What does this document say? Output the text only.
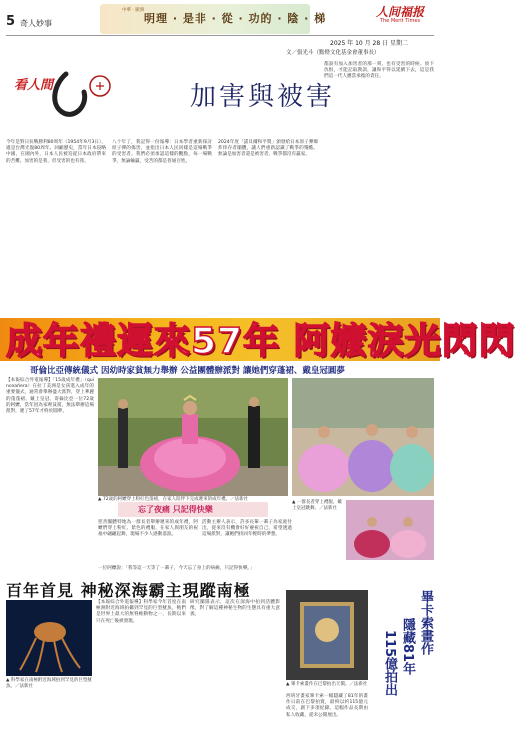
5 奇人妙事
中華 · 歐洲
明理 · 是非 · 從 · 功的 · 陰 · 梯	人间福报
The Merit Times
2025 年 10 月 28 日 星期二
文／張光斗（點燈文化基金會董事長）
看人間	加害與被害
今年是對日抗戰勝利80周年（1954年9月3日），適是台灣光復80周年。回顧歷史，當年日本侵略中國，在國內外，日本人民被迫從日本政府帶來的苦難。加害的是我，但受害的也有我。
八十年了，我記得一份報導：日本學者重新探討原子彈的傷害，並指出日本人民同樣是這場戰爭的受害者。我們必須承認這樣的觀點，每一場戰爭，無論輸贏，受苦的都是普通百姓。
2024年度「諾貝爾和平獎」頒發給日本原子彈爆炸倖存者團體，讓人們重新認識了戰爭的殘酷。無論是加害者還是被害者，戰爭都沒有贏家。
都說有加入加害者的那一刻，也有受害的時候。放下仇恨，才能記取教訓，讓和平得以延續下去，這是我們這一代人應當承擔的責任。
成年禮遲來57年 阿嬤淚光閃閃
哥倫比亞傳統儀式 因幼時家貧無力舉辦 公益團體辦派對 讓她們穿蓬裙、戴皇冠圓夢
【本報綜合外電報導】「15歲成年禮」（quinceañera）在拉丁美洲是女孩進入成年的重要儀式，通常會舉辦盛大派對，穿上華麗的蓬蓬裙、戴上皇冠。哥倫比亞一位72歲的阿嬤，當年因為家裡貧窮，無法舉辦這場派對，遲了57年才終於圓夢。
▲ 72歲的阿嬤穿上粉紅色蓬裙，在家人陪伴下完成遲來的成年禮。／法新社
▲ 一群長者穿上禮服，戴上皇冠跳舞。／法新社
忘了夜痛 只記得快樂
慈善團體特地為一群長者舉辦遲來的成年禮，阿嬤們穿上粉紅、紫色的禮服，在家人與朋友的祝福中翩翩起舞，現場不少人感動落淚。
活動主辦人表示，許多長輩一輩子為家庭付出，從來沒有機會好好慶祝自己，希望透過這場派對，讓她們找回年輕時的夢想。
一位阿嬤說：「我等這一天等了一輩子，今天忘了身上的病痛，只記得快樂。」
百年首見 神秘深海霸主現蹤南極
▲ 科學家在南極附近海域拍到罕見的巨型魷魚。／法新社
【本報綜合外電報導】科學家今年首度在南極洲附近海域拍攝到罕見的巨型魷魚，牠們是世界上最大的無脊椎動物之一，長期以來只在死亡後被發現。
研究團隊表示，這次在深海中拍到活體影像，對了解這種神秘生物的生態具有重大意義。
▲ 畢卡索畫作在巴黎拍出天價。／法新社
西班牙畫家畢卡索一幅隱藏了81年的畫作日前在巴黎拍賣，最終以約115億元成交，創下多項紀錄。這幅作品長期由私人收藏，從未公開展出。
畢卡索畫作
隱藏81年
115億拍出
